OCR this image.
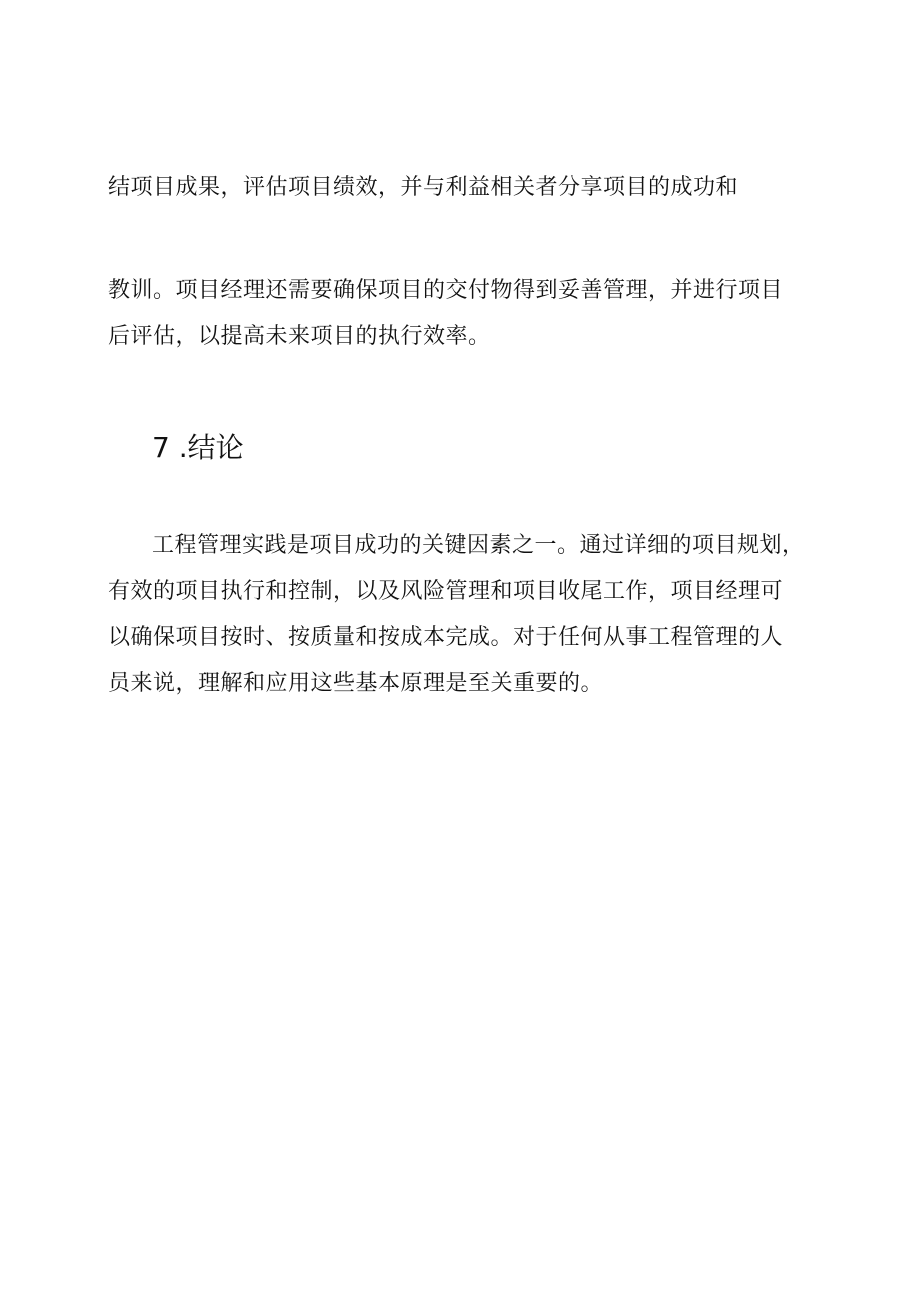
结项目成果，评估项目绩效，并与利益相关者分享项目的成功和
教训。项目经理还需要确保项目的交付物得到妥善管理，并进行项目
后评估，以提高未来项目的执行效率。
7 .结论
工程管理实践是项目成功的关键因素之一。通过详细的项目规划，
有效的项目执行和控制，以及风险管理和项目收尾工作，项目经理可
以确保项目按时、按质量和按成本完成。对于任何从事工程管理的人
员来说，理解和应用这些基本原理是至关重要的。
